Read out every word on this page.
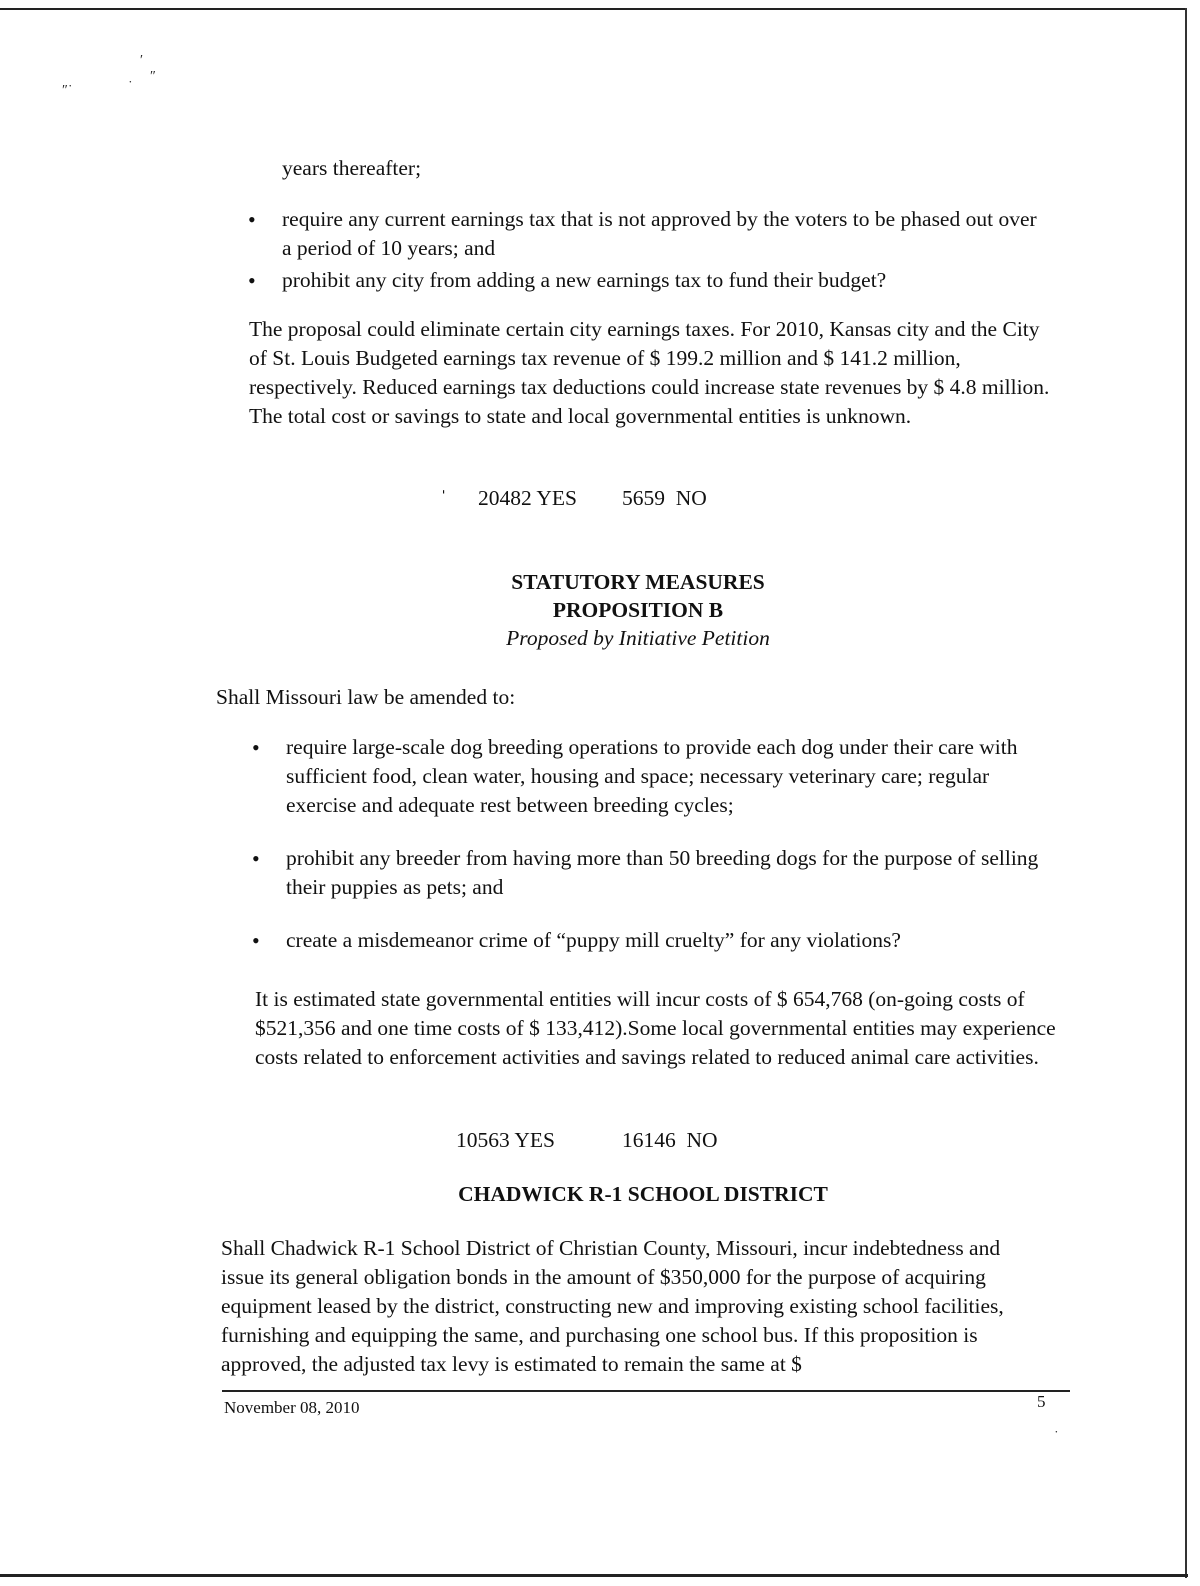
′
″˙	˙
″
˙
years thereafter;
• require any current earnings tax that is not approved by the voters to be phased out over a period of 10 years; and
• prohibit any city from adding a new earnings tax to fund their budget?
The proposal could eliminate certain city earnings taxes. For 2010, Kansas city and the City of St. Louis Budgeted earnings tax revenue of $ 199.2 million and $ 141.2 million, respectively. Reduced earnings tax deductions could increase state revenues by $ 4.8 million. The total cost or savings to state and local governmental entities is unknown.
ˈ 20482 YES 5659  NO
STATUTORY MEASURES
PROPOSITION B
Proposed by Initiative Petition
Shall Missouri law be amended to:
• require large-scale dog breeding operations to provide each dog under their care with sufficient food, clean water, housing and space; necessary veterinary care; regular exercise and adequate rest between breeding cycles;
• prohibit any breeder from having more than 50 breeding dogs for the purpose of selling their puppies as pets; and
• create a misdemeanor crime of “puppy mill cruelty” for any violations?
It is estimated state governmental entities will incur costs of $ 654,768 (on-going costs of $521,356 and one time costs of $ 133,412).Some local governmental entities may experience costs related to enforcement activities and savings related to reduced animal care activities.
10563 YES	16146  NO
CHADWICK R-1 SCHOOL DISTRICT
Shall Chadwick R-1 School District of Christian County, Missouri, incur indebtedness and issue its general obligation bonds in the amount of $350,000 for the purpose of acquiring equipment leased by the district, constructing new and improving existing school facilities, furnishing and equipping the same, and purchasing one school bus. If this proposition is approved, the adjusted tax levy is estimated to remain the same at $
November 08, 2010	5
